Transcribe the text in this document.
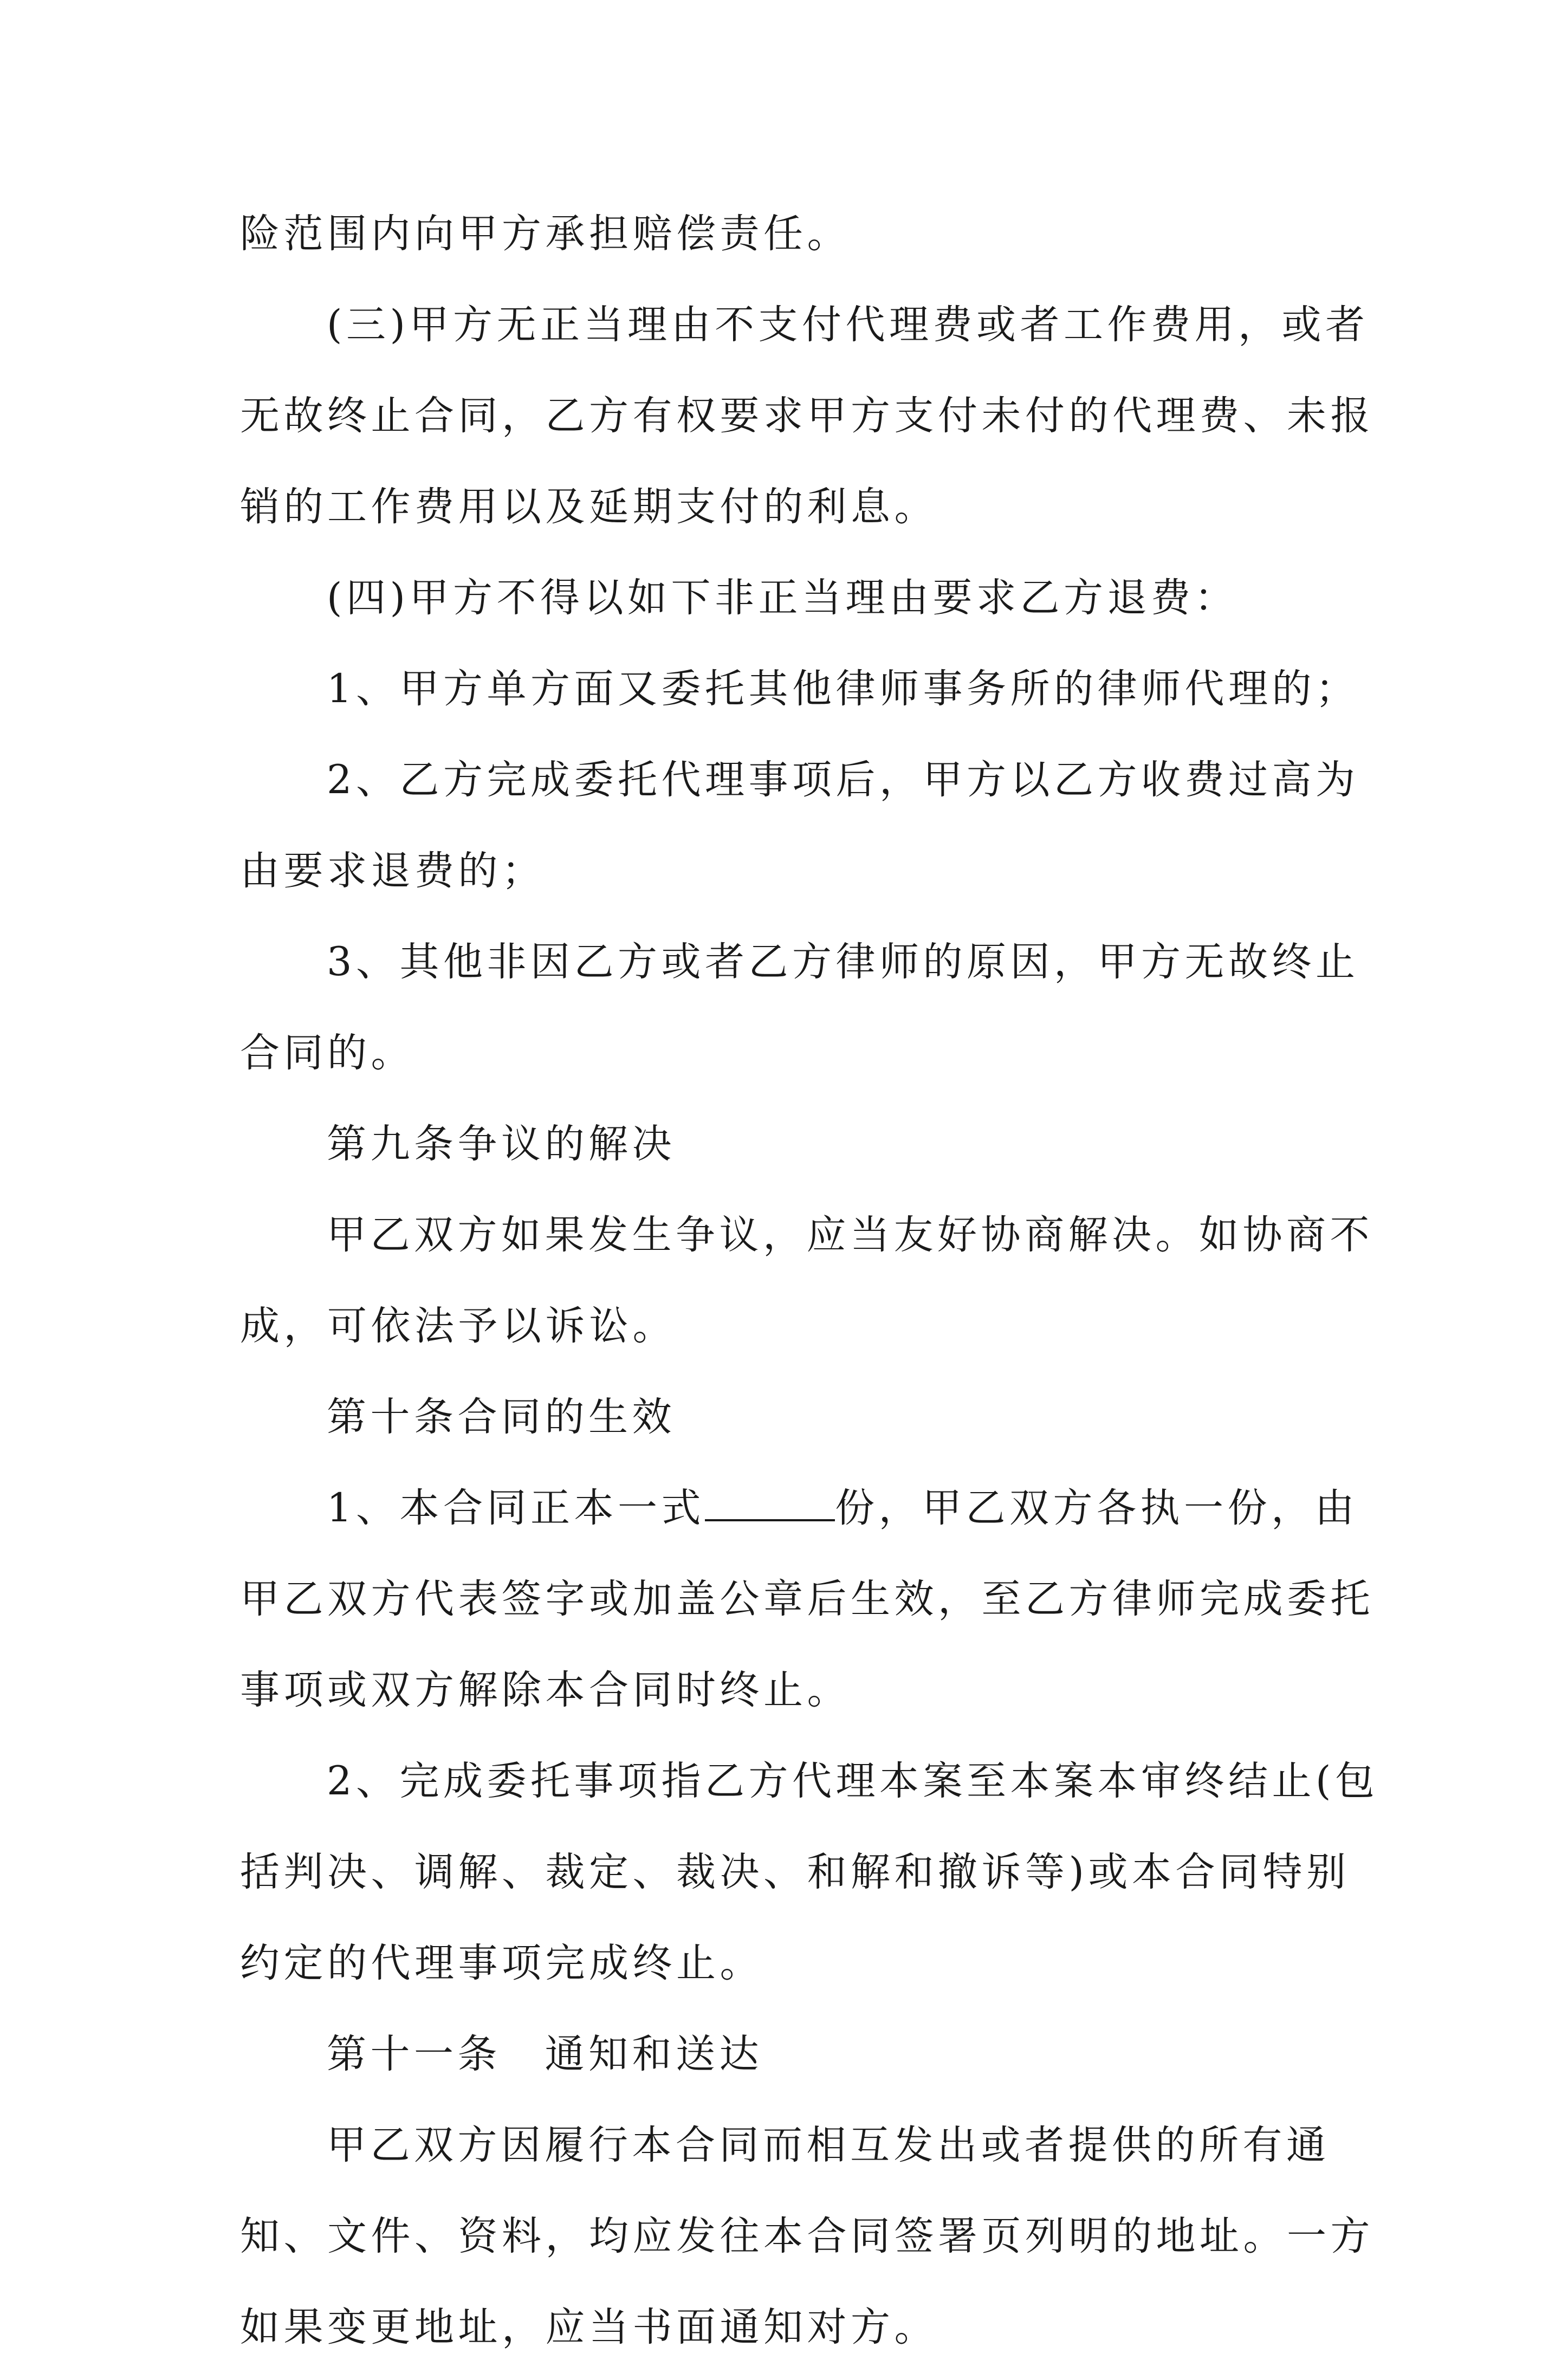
险范围内向甲方承担赔偿责任。
(三)甲方无正当理由不支付代理费或者工作费用，或者
无故终止合同，乙方有权要求甲方支付未付的代理费、未报
销的工作费用以及延期支付的利息。
(四)甲方不得以如下非正当理由要求乙方退费：
1、甲方单方面又委托其他律师事务所的律师代理的；
2、乙方完成委托代理事项后，甲方以乙方收费过高为
由要求退费的；
3、其他非因乙方或者乙方律师的原因，甲方无故终止
合同的。
第九条争议的解决
甲乙双方如果发生争议，应当友好协商解决。如协商不
成，可依法予以诉讼。
第十条合同的生效
1、本合同正本一式	份，甲乙双方各执一份，由
甲乙双方代表签字或加盖公章后生效，至乙方律师完成委托
事项或双方解除本合同时终止。
2、完成委托事项指乙方代理本案至本案本审终结止(包
括判决、调解、裁定、裁决、和解和撤诉等)或本合同特别
约定的代理事项完成终止。
第十一条　通知和送达
甲乙双方因履行本合同而相互发出或者提供的所有通
知、文件、资料，均应发往本合同签署页列明的地址。一方
如果变更地址，应当书面通知对方。
